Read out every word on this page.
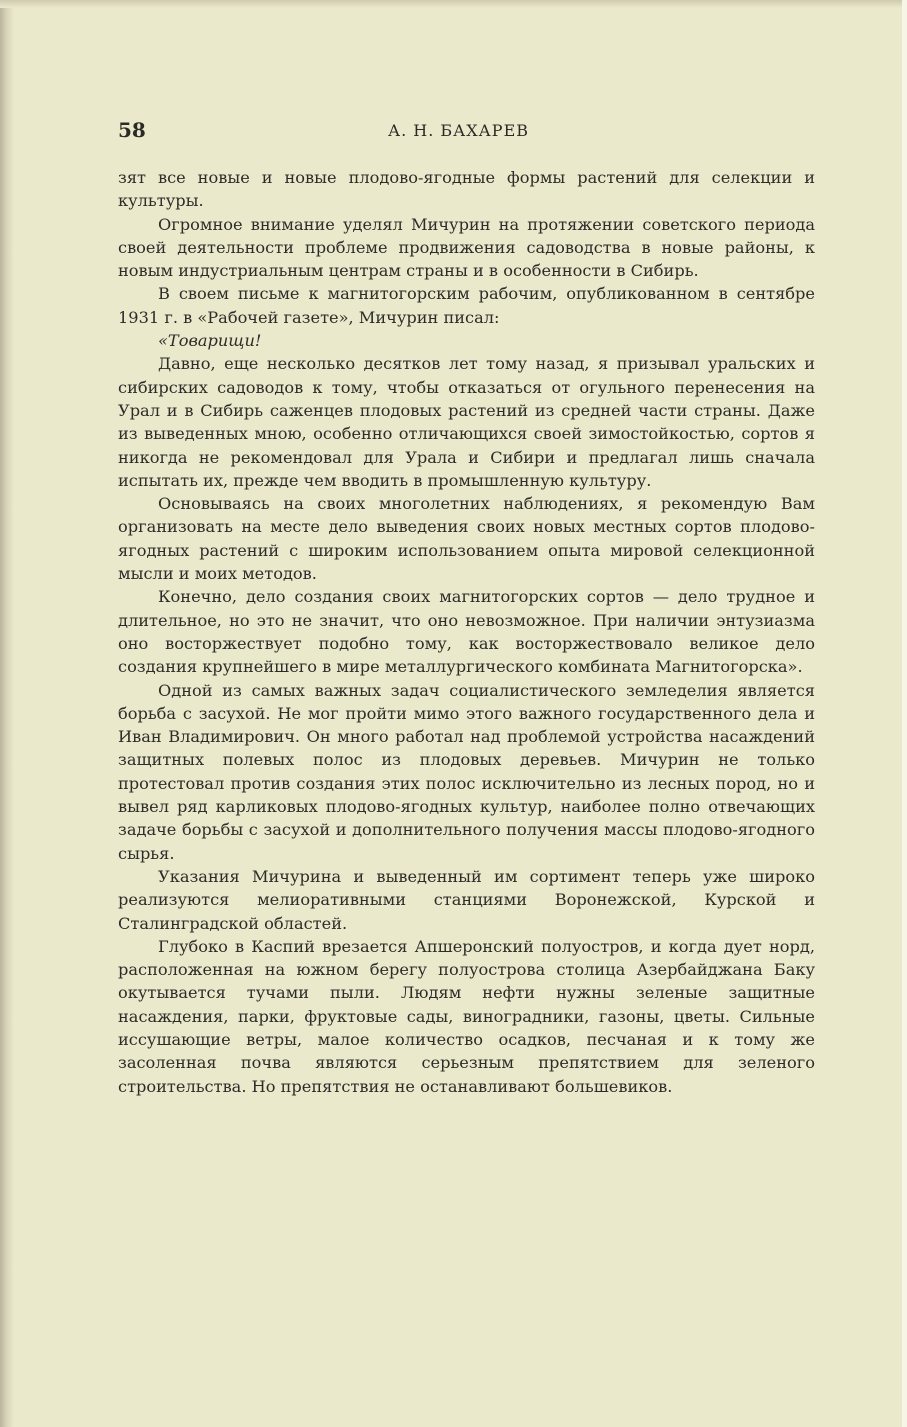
58	А. Н. БАХАРЕВ

зят все новые и новые плодово-ягодные формы растений для селекции и культуры.

Огромное внимание уделял Мичурин на протяжении советского периода своей деятельности проблеме продвижения садоводства в новые районы, к новым индустриальным центрам страны и в особенности в Сибирь.

В своем письме к магнитогорским рабочим, опубликованном в сентябре 1931 г. в «Рабочей газете», Мичурин писал:

«Товарищи!

Давно, еще несколько десятков лет тому назад, я призывал уральских и сибирских садоводов к тому, чтобы отказаться от огульного перенесения на Урал и в Сибирь саженцев плодовых растений из средней части страны. Даже из выведенных мною, особенно отличающихся своей зимостойкостью, сортов я никогда не рекомендовал для Урала и Сибири и предлагал лишь сначала испытать их, прежде чем вводить в промышленную культуру.

Основываясь на своих многолетних наблюдениях, я рекомендую Вам организовать на месте дело выведения своих новых местных сортов плодово-ягодных растений с широким использованием опыта мировой селекционной мысли и моих методов.

Конечно, дело создания своих магнитогорских сортов — дело трудное и длительное, но это не значит, что оно невозможное. При наличии энтузиазма оно восторжествует подобно тому, как восторжествовало великое дело создания крупнейшего в мире металлургического комбината Магнитогорска».

Одной из самых важных задач социалистического земледелия является борьба с засухой. Не мог пройти мимо этого важного государственного дела и Иван Владимирович. Он много работал над проблемой устройства насаждений защитных полевых полос из плодовых деревьев. Мичурин не только протестовал против создания этих полос исключительно из лесных пород, но и вывел ряд карликовых плодово-ягодных культур, наиболее полно отвечающих задаче борьбы с засухой и дополнительного получения массы плодово-ягодного сырья.

Указания Мичурина и выведенный им сортимент теперь уже широко реализуются мелиоративными станциями Воронежской, Курской и Сталинградской областей.

Глубоко в Каспий врезается Апшеронский полуостров, и когда дует норд, расположенная на южном берегу полуострова столица Азербайджана Баку окутывается тучами пыли. Людям нефти нужны зеленые защитные насаждения, парки, фруктовые сады, виноградники, газоны, цветы. Сильные иссушающие ветры, малое количество осадков, песчаная и к тому же засоленная почва являются серьезным препятствием для зеленого строительства. Но препятствия не останавливают большевиков.
